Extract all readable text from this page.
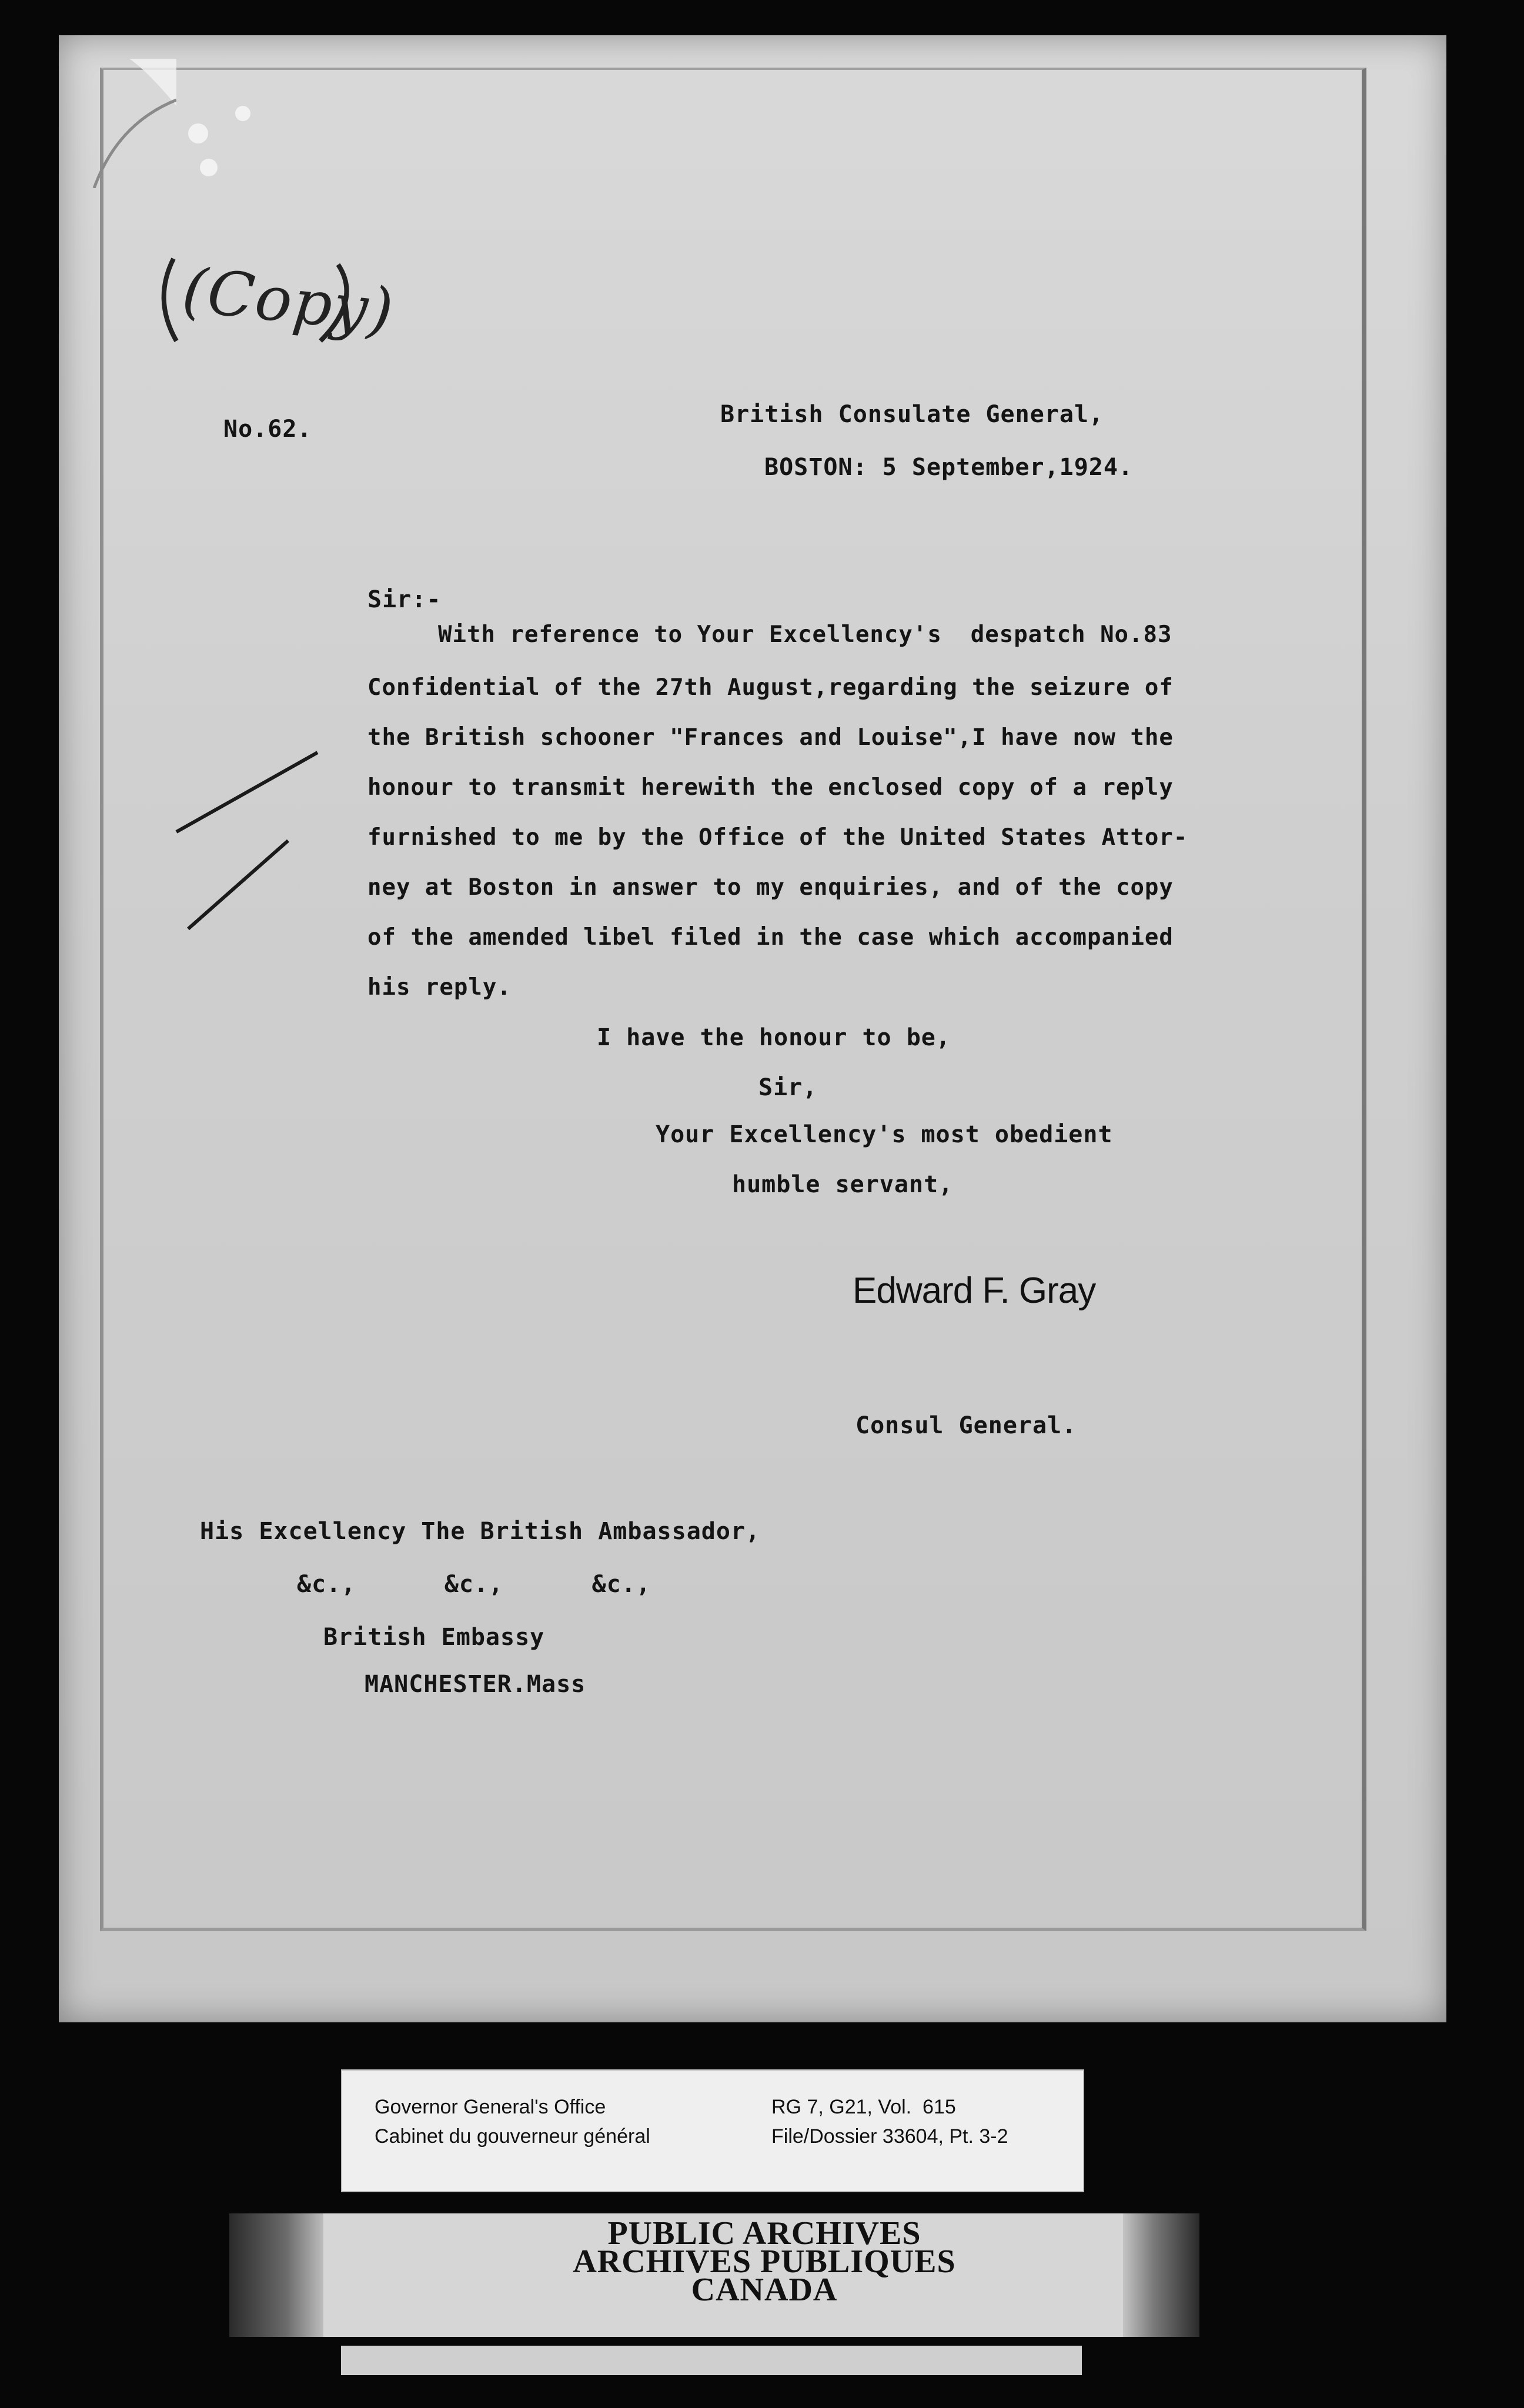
(Copy)
No.62.
British Consulate General,
BOSTON: 5 September,1924.
Sir:-
With reference to Your Excellency's  despatch No.83
Confidential of the 27th August,regarding the seizure of
the British schooner "Frances and Louise",I have now the
honour to transmit herewith the enclosed copy of a reply
furnished to me by the Office of the United States Attor-
ney at Boston in answer to my enquiries, and of the copy
of the amended libel filed in the case which accompanied
his reply.
I have the honour to be,
Sir,
Your Excellency's most obedient
humble servant,
Edward F. Gray
Consul General.
His Excellency The British Ambassador,
&c.,      &c.,      &c.,
British Embassy
MANCHESTER.Mass
Governor General's Office
Cabinet du gouverneur général
RG 7, G21, Vol.  615
File/Dossier 33604, Pt. 3-2
PUBLIC ARCHIVES
ARCHIVES PUBLIQUES
CANADA
